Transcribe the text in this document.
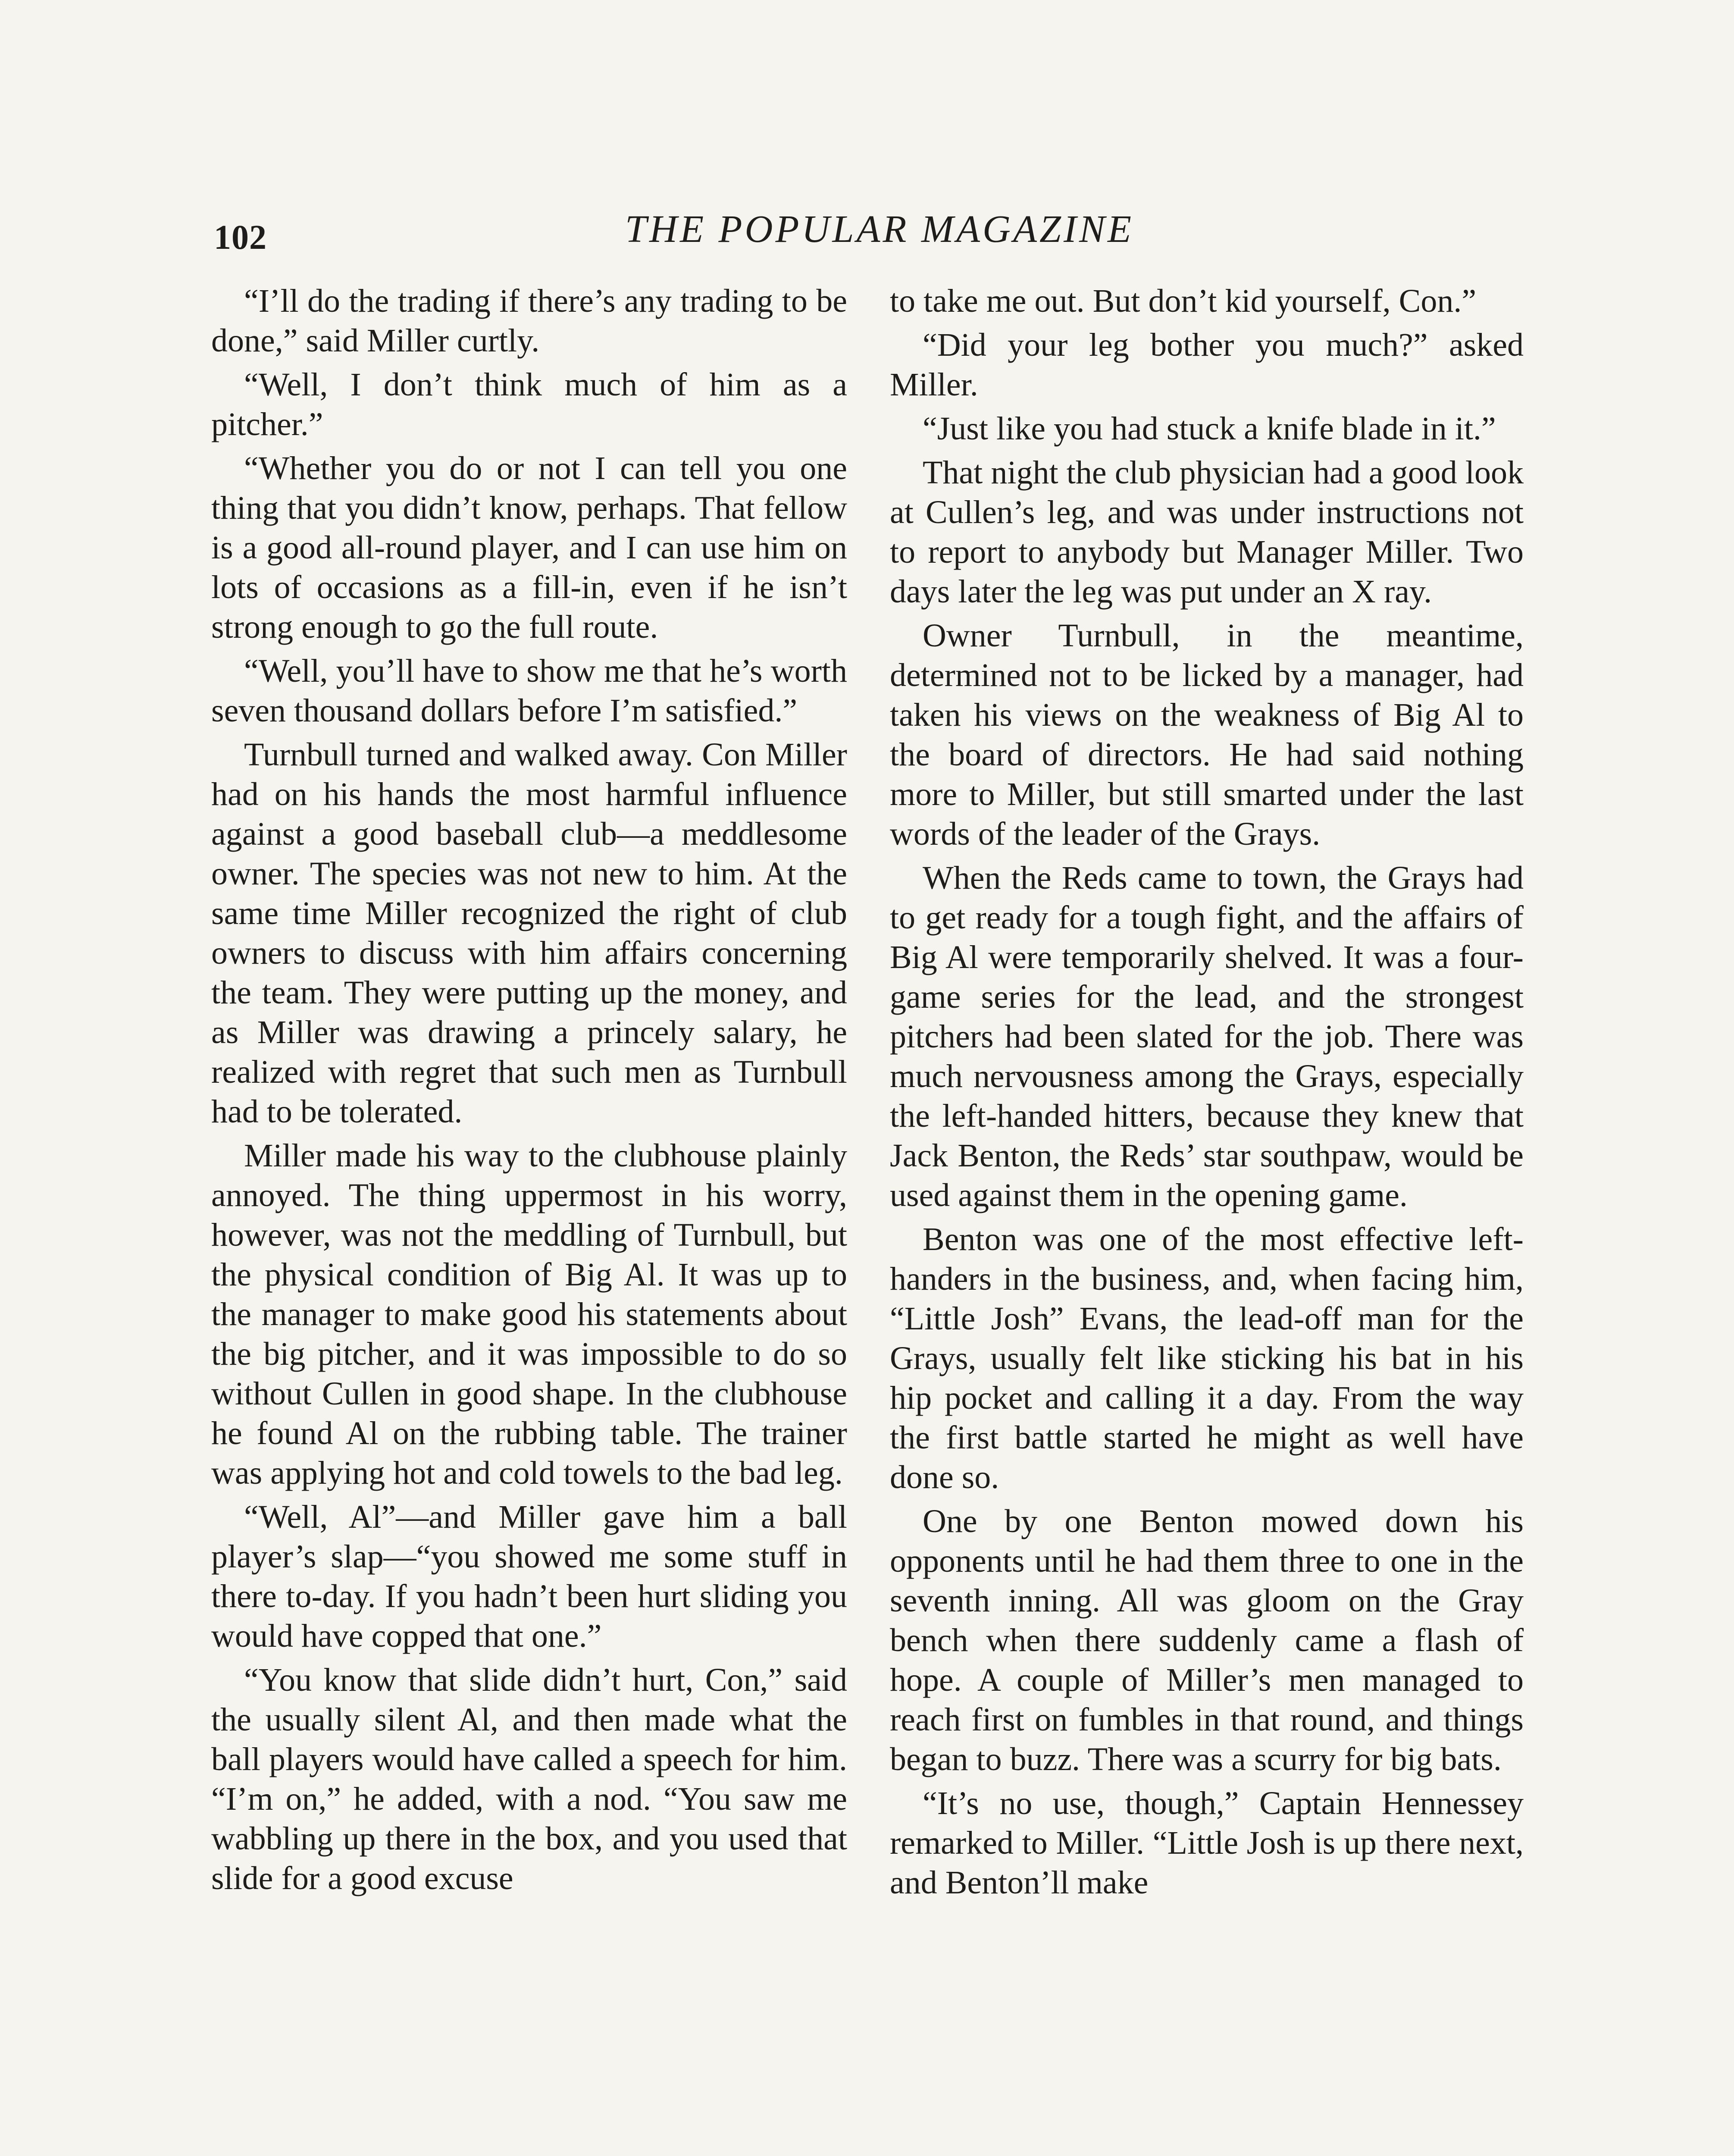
102	THE POPULAR MAGAZINE

“I’ll do the trading if there’s any trading to be done,” said Miller curtly.

“Well, I don’t think much of him as a pitcher.”

“Whether you do or not I can tell you one thing that you didn’t know, perhaps. That fellow is a good all-round player, and I can use him on lots of occasions as a fill-in, even if he isn’t strong enough to go the full route.

“Well, you’ll have to show me that he’s worth seven thousand dollars before I’m satisfied.”

Turnbull turned and walked away. Con Miller had on his hands the most harmful influence against a good baseball club—a meddlesome owner. The species was not new to him. At the same time Miller recognized the right of club owners to discuss with him affairs concerning the team. They were putting up the money, and as Miller was drawing a princely salary, he realized with regret that such men as Turnbull had to be tolerated.

Miller made his way to the clubhouse plainly annoyed. The thing uppermost in his worry, however, was not the meddling of Turnbull, but the physical condition of Big Al. It was up to the manager to make good his statements about the big pitcher, and it was impossible to do so without Cullen in good shape. In the clubhouse he found Al on the rubbing table. The trainer was applying hot and cold towels to the bad leg.

“Well, Al”—and Miller gave him a ball player’s slap—“you showed me some stuff in there to-day. If you hadn’t been hurt sliding you would have copped that one.”

“You know that slide didn’t hurt, Con,” said the usually silent Al, and then made what the ball players would have called a speech for him. “I’m on,” he added, with a nod. “You saw me wabbling up there in the box, and you used that slide for a good excuse

to take me out. But don’t kid yourself, Con.”

“Did your leg bother you much?” asked Miller.

“Just like you had stuck a knife blade in it.”

That night the club physician had a good look at Cullen’s leg, and was under instructions not to report to anybody but Manager Miller. Two days later the leg was put under an X ray.

Owner Turnbull, in the meantime, determined not to be licked by a manager, had taken his views on the weakness of Big Al to the board of directors. He had said nothing more to Miller, but still smarted under the last words of the leader of the Grays.

When the Reds came to town, the Grays had to get ready for a tough fight, and the affairs of Big Al were temporarily shelved. It was a four-game series for the lead, and the strongest pitchers had been slated for the job. There was much nervousness among the Grays, especially the left-handed hitters, because they knew that Jack Benton, the Reds’ star southpaw, would be used against them in the opening game.

Benton was one of the most effective left-handers in the business, and, when facing him, “Little Josh” Evans, the lead-off man for the Grays, usually felt like sticking his bat in his hip pocket and calling it a day. From the way the first battle started he might as well have done so.

One by one Benton mowed down his opponents until he had them three to one in the seventh inning. All was gloom on the Gray bench when there suddenly came a flash of hope. A couple of Miller’s men managed to reach first on fumbles in that round, and things began to buzz. There was a scurry for big bats.

“It’s no use, though,” Captain Hennessey remarked to Miller. “Little Josh is up there next, and Benton’ll make
